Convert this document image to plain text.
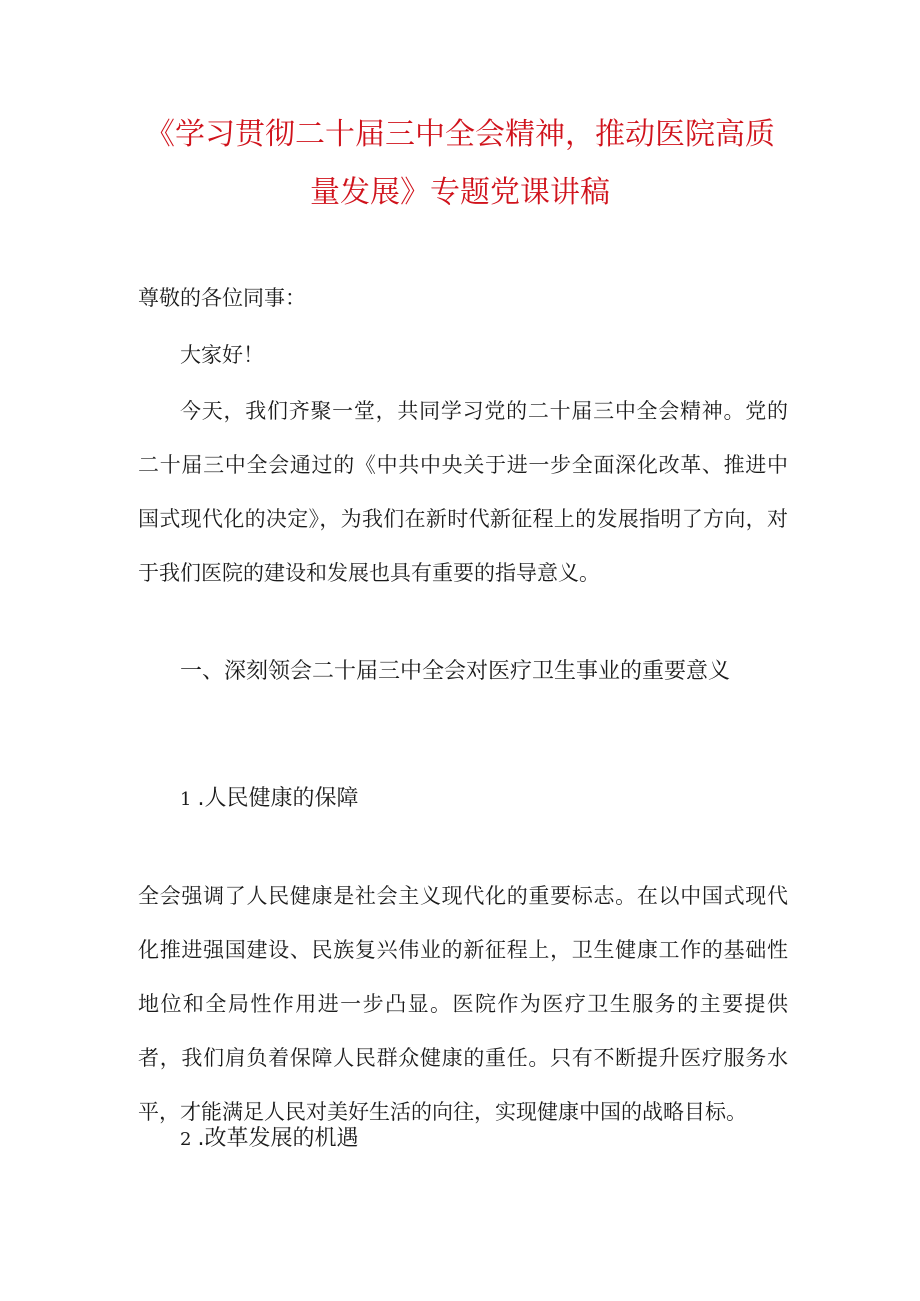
《学习贯彻二十届三中全会精神，推动医院高质
量发展》专题党课讲稿

尊敬的各位同事：

大家好！

今天，我们齐聚一堂，共同学习党的二十届三中全会精神。党的二十届三中全会通过的《中共中央关于进一步全面深化改革、推进中国式现代化的决定》，为我们在新时代新征程上的发展指明了方向，对于我们医院的建设和发展也具有重要的指导意义。

一、深刻领会二十届三中全会对医疗卫生事业的重要意义
1 .人民健康的保障

全会强调了人民健康是社会主义现代化的重要标志。在以中国式现代化推进强国建设、民族复兴伟业的新征程上，卫生健康工作的基础性地位和全局性作用进一步凸显。医院作为医疗卫生服务的主要提供者，我们肩负着保障人民群众健康的重任。只有不断提升医疗服务水平，才能满足人民对美好生活的向往，实现健康中国的战略目标。

2 .改革发展的机遇
